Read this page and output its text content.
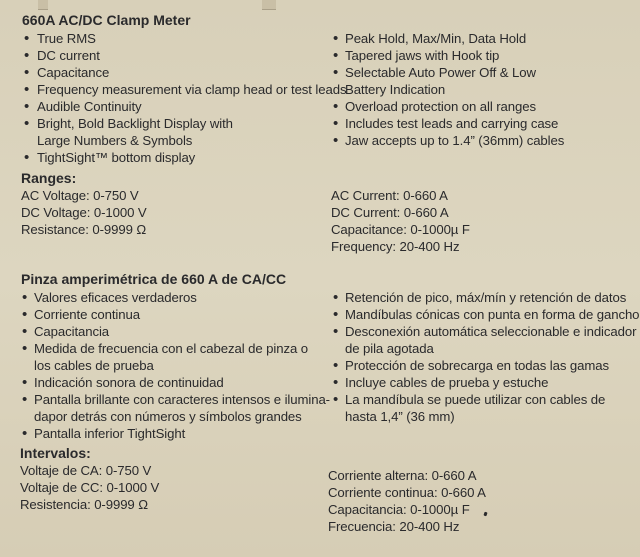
660A AC/DC Clamp Meter
• True RMS
• DC current
• Capacitance
• Frequency measurement via clamp head or test leads
• Audible Continuity
• Bright, Bold Backlight Display with
Large Numbers & Symbols
• TightSight™ bottom display
• Peak Hold, Max/Min, Data Hold
• Tapered jaws with Hook tip
• Selectable Auto Power Off & Low
Battery Indication
• Overload protection on all ranges
• Includes test leads and carrying case
• Jaw accepts up to 1.4” (36mm) cables
Ranges:
AC Voltage: 0-750 V
DC Voltage: 0-1000 V
Resistance: 0-9999 Ω
AC Current: 0-660 A
DC Current: 0-660 A
Capacitance: 0-1000µ F
Frequency: 20-400 Hz
Pinza amperimétrica de 660 A de CA/CC
• Valores eficaces verdaderos
• Corriente continua
• Capacitancia
• Medida de frecuencia con el cabezal de pinza o
los cables de prueba
• Indicación sonora de continuidad
• Pantalla brillante con caracteres intensos e ilumina-
dapor detrás con números y símbolos grandes
• Pantalla inferior TightSight
• Retención de pico, máx/mín y retención de datos
• Mandíbulas cónicas con punta en forma de gancho
• Desconexión automática seleccionable e indicador
de pila agotada
• Protección de sobrecarga en todas las gamas
• Incluye cables de prueba y estuche
• La mandíbula se puede utilizar con cables de
hasta 1,4” (36 mm)
Intervalos:
Voltaje de CA: 0-750 V
Voltaje de CC: 0-1000 V
Resistencia: 0-9999 Ω
Corriente alterna: 0-660 A
Corriente continua: 0-660 A
Capacitancia: 0-1000µ F
Frecuencia: 20-400 Hz
